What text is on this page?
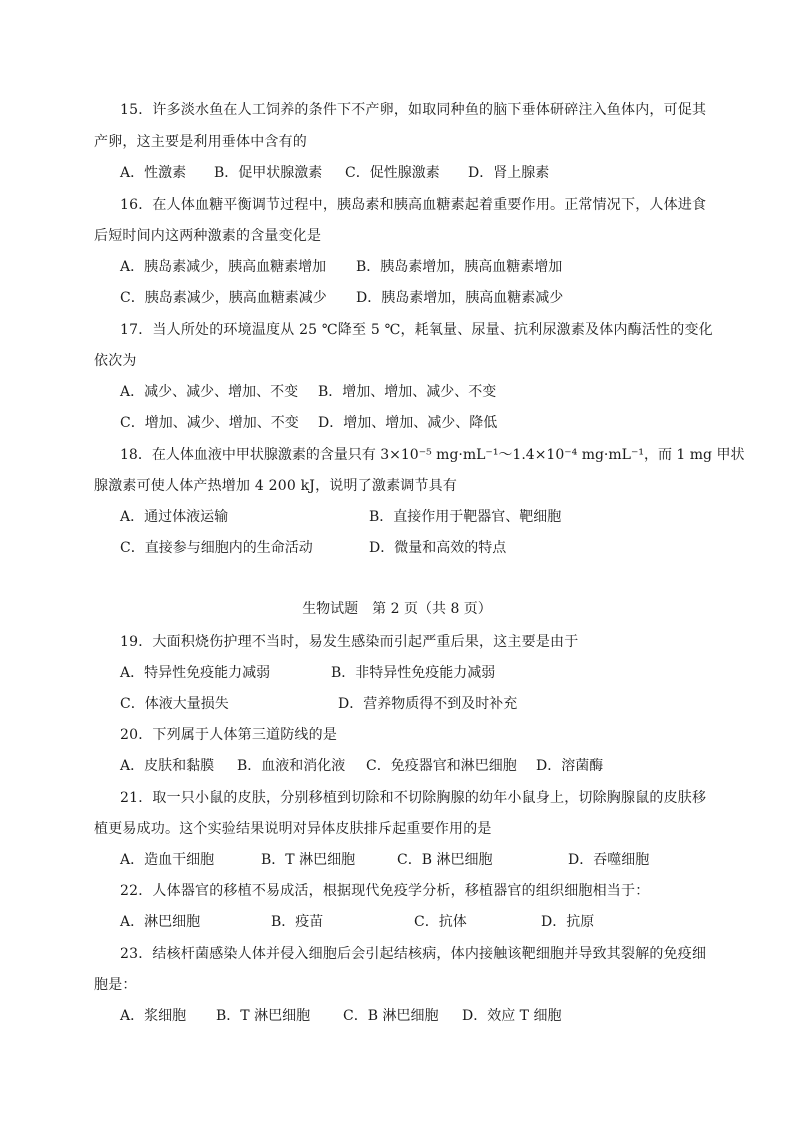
15．许多淡水鱼在人工饲养的条件下不产卵，如取同种鱼的脑下垂体研碎注入鱼体内，可促其
产卵，这主要是利用垂体中含有的
A．性激素 B．促甲状腺激素 C．促性腺激素 D．肾上腺素
16．在人体血糖平衡调节过程中，胰岛素和胰高血糖素起着重要作用。正常情况下，人体进食
后短时间内这两种激素的含量变化是
A．胰岛素减少，胰高血糖素增加 B．胰岛素增加，胰高血糖素增加
C．胰岛素减少，胰高血糖素减少 D．胰岛素增加，胰高血糖素减少
17．当人所处的环境温度从 25 ℃降至 5 ℃，耗氧量、尿量、抗利尿激素及体内酶活性的变化
依次为
A．减少、减少、增加、不变 B．增加、增加、减少、不变
C．增加、减少、增加、不变 D．增加、增加、减少、降低
18．在人体血液中甲状腺激素的含量只有 3×10⁻⁵ mg·mL⁻¹～1.4×10⁻⁴ mg·mL⁻¹，而 1 mg 甲状
腺激素可使人体产热增加 4 200 kJ，说明了激素调节具有
A．通过体液运输	B．直接作用于靶器官、靶细胞
C．直接参与细胞内的生命活动	D．微量和高效的特点
生物试题　第 2 页（共 8 页）
19．大面积烧伤护理不当时，易发生感染而引起严重后果，这主要是由于
A．特异性免疫能力减弱	B．非特异性免疫能力减弱
C．体液大量损失	D．营养物质得不到及时补充
20．下列属于人体第三道防线的是
A．皮肤和黏膜 B．血液和消化液 C．免疫器官和淋巴细胞 D．溶菌酶
21．取一只小鼠的皮肤，分别移植到切除和不切除胸腺的幼年小鼠身上，切除胸腺鼠的皮肤移
植更易成功。这个实验结果说明对异体皮肤排斥起重要作用的是
A．造血干细胞	B．T 淋巴细胞	C．B 淋巴细胞	D．吞噬细胞
22．人体器官的移植不易成活，根据现代免疫学分析，移植器官的组织细胞相当于：
A．淋巴细胞	B．疫苗	C．抗体	D．抗原
23．结核杆菌感染人体并侵入细胞后会引起结核病，体内接触该靶细胞并导致其裂解的免疫细
胞是：
A．浆细胞 B．T 淋巴细胞 C．B 淋巴细胞 D．效应 T 细胞
